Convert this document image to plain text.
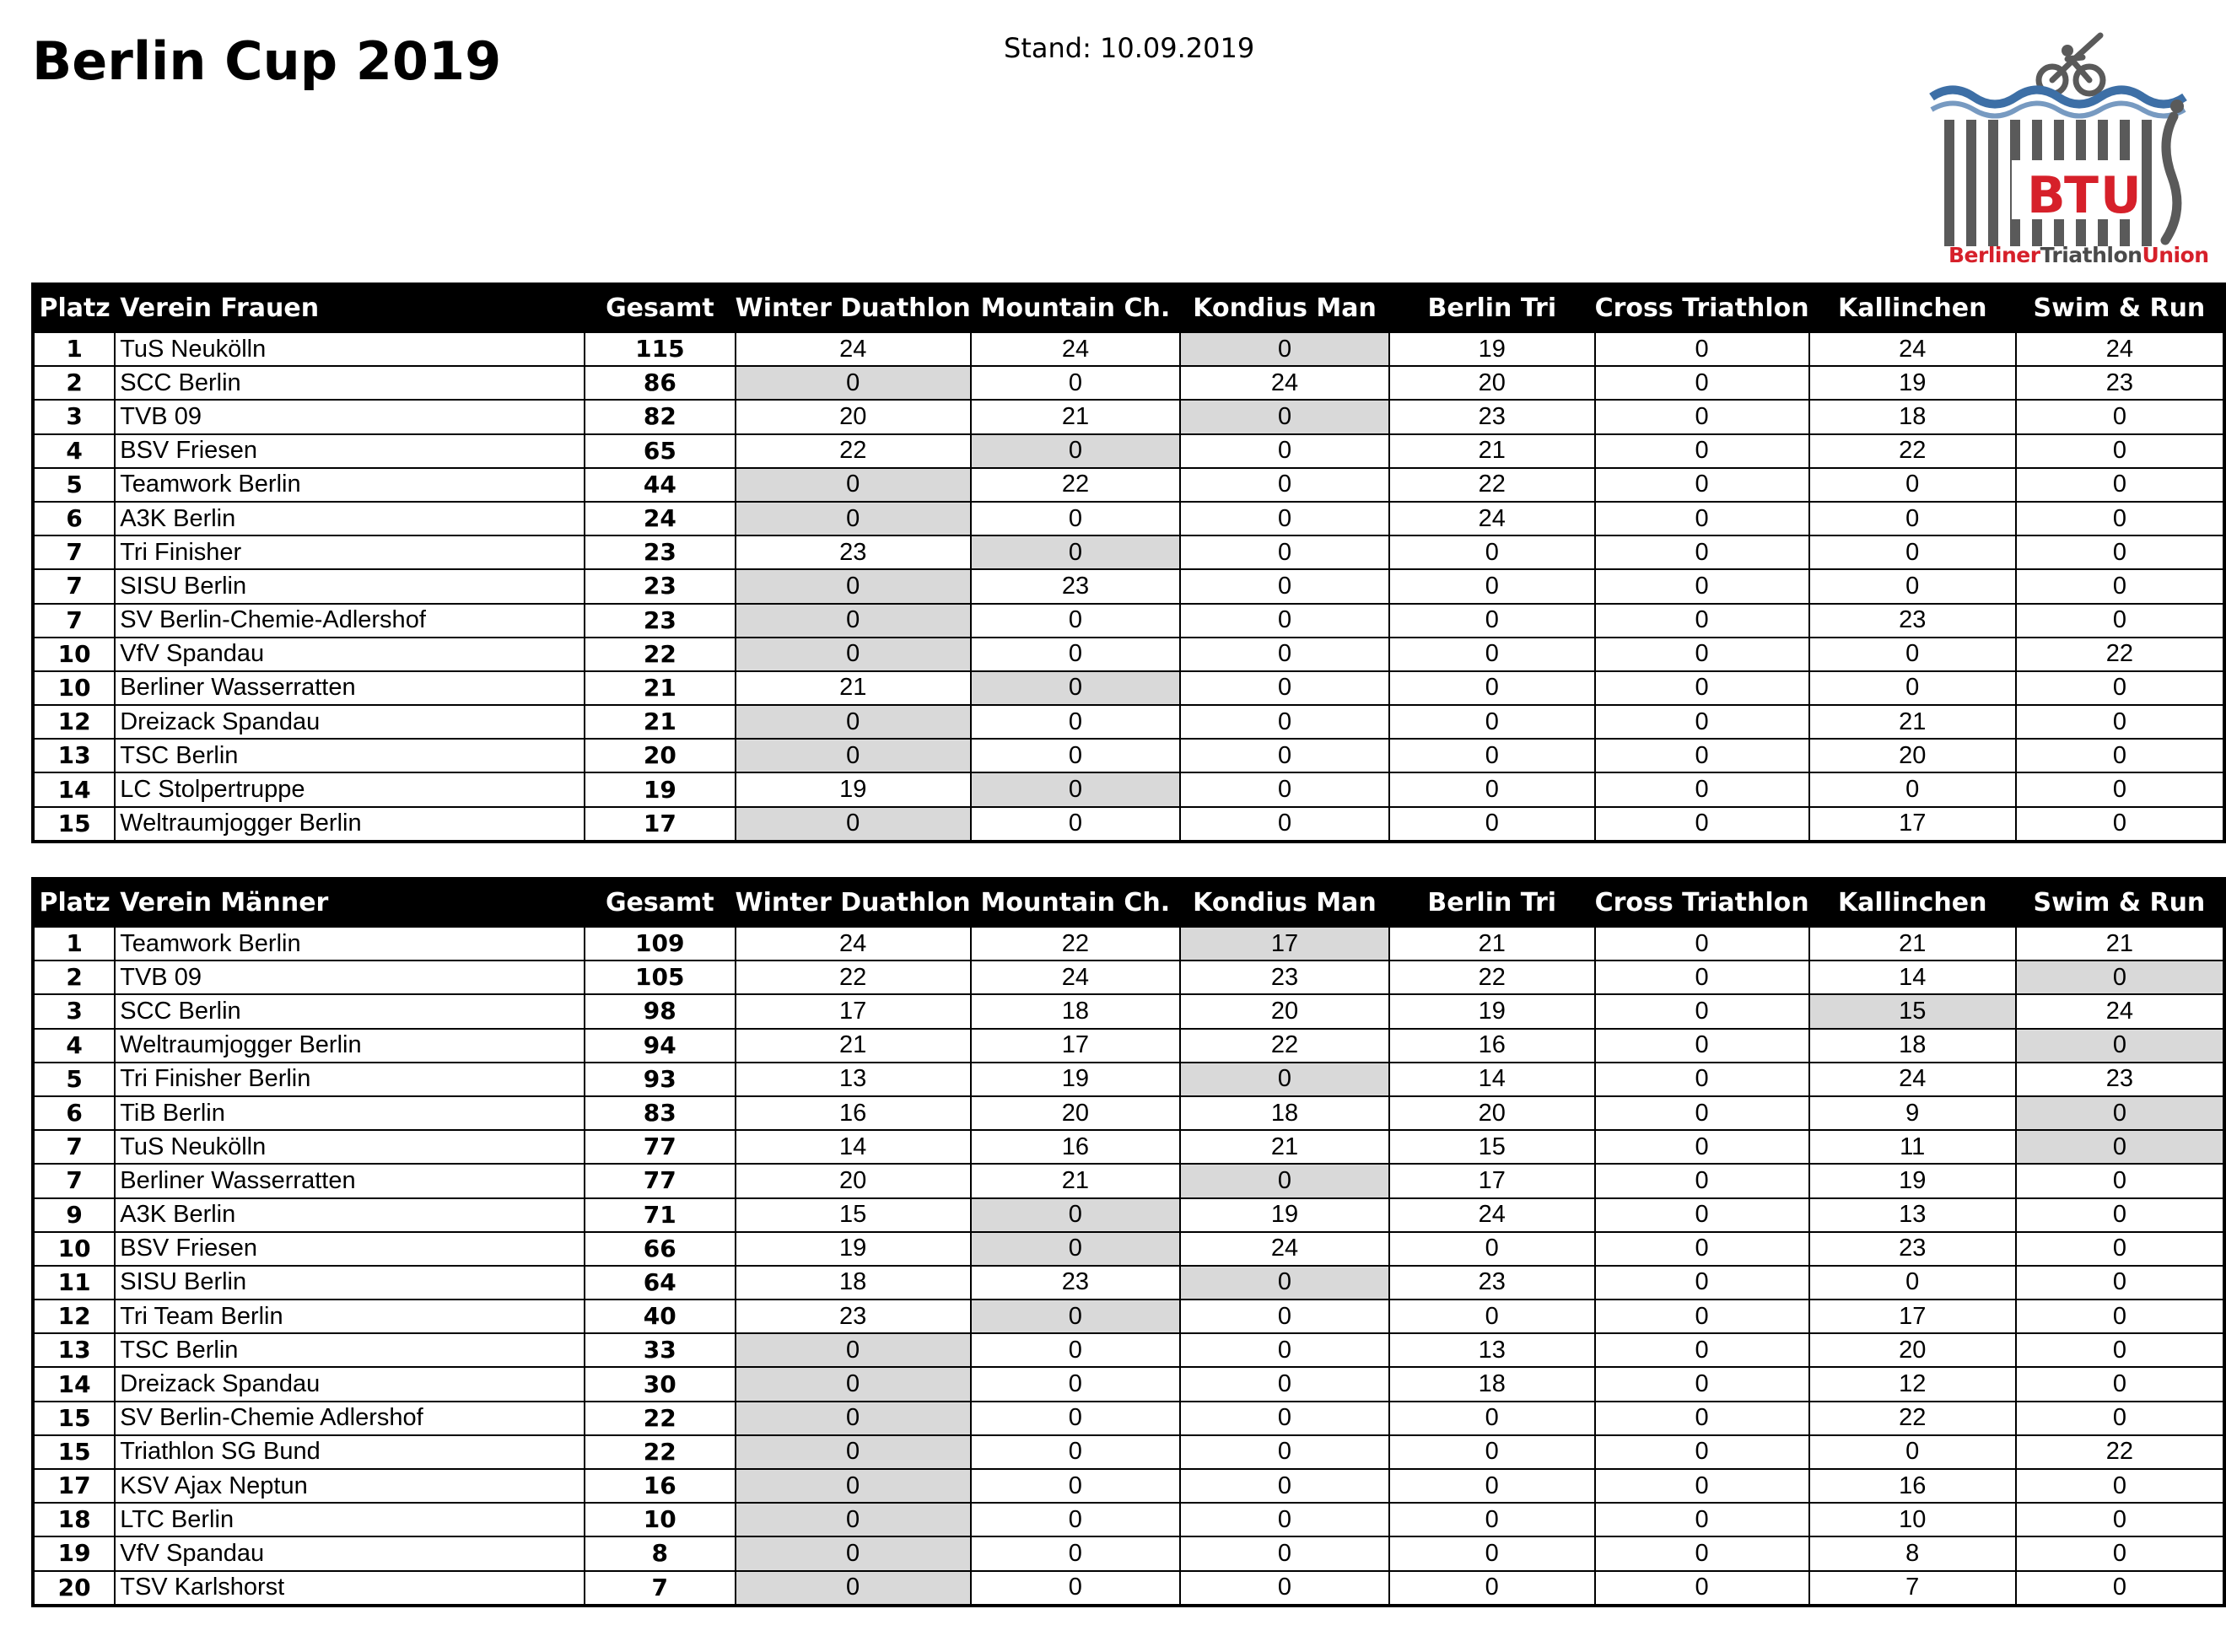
Berlin Cup 2019	Stand: 10.09.2019
B
T U
BerlinerTriathlonUnion
Platz	Verein Frauen	Gesamt	Winter Duathlon	Mountain Ch.	Kondius Man	Berlin Tri	Cross Triathlon	Kallinchen	Swim & Run
1	TuS Neukölln	115	24	24	0	19	0	24	24
2	SCC Berlin	86	0	0	24	20	0	19	23
3	TVB 09	82	20	21	0	23	0	18	0
4	BSV Friesen	65	22	0	0	21	0	22	0
5	Teamwork Berlin	44	0	22	0	22	0	0	0
6	A3K Berlin	24	0	0	0	24	0	0	0
7	Tri Finisher	23	23	0	0	0	0	0	0
7	SISU Berlin	23	0	23	0	0	0	0	0
7	SV Berlin-Chemie-Adlershof	23	0	0	0	0	0	23	0
10	VfV Spandau	22	0	0	0	0	0	0	22
10	Berliner Wasserratten	21	21	0	0	0	0	0	0
12	Dreizack Spandau	21	0	0	0	0	0	21	0
13	TSC Berlin	20	0	0	0	0	0	20	0
14	LC Stolpertruppe	19	19	0	0	0	0	0	0
15	Weltraumjogger Berlin	17	0	0	0	0	0	17	0
Platz	Verein Männer	Gesamt	Winter Duathlon	Mountain Ch.	Kondius Man	Berlin Tri	Cross Triathlon	Kallinchen	Swim & Run
1	Teamwork Berlin	109	24	22	17	21	0	21	21
2	TVB 09	105	22	24	23	22	0	14	0
3	SCC Berlin	98	17	18	20	19	0	15	24
4	Weltraumjogger Berlin	94	21	17	22	16	0	18	0
5	Tri Finisher Berlin	93	13	19	0	14	0	24	23
6	TiB Berlin	83	16	20	18	20	0	9	0
7	TuS Neukölln	77	14	16	21	15	0	11	0
7	Berliner Wasserratten	77	20	21	0	17	0	19	0
9	A3K Berlin	71	15	0	19	24	0	13	0
10	BSV Friesen	66	19	0	24	0	0	23	0
11	SISU Berlin	64	18	23	0	23	0	0	0
12	Tri Team Berlin	40	23	0	0	0	0	17	0
13	TSC Berlin	33	0	0	0	13	0	20	0
14	Dreizack Spandau	30	0	0	0	18	0	12	0
15	SV Berlin-Chemie Adlershof	22	0	0	0	0	0	22	0
15	Triathlon SG Bund	22	0	0	0	0	0	0	22
17	KSV Ajax Neptun	16	0	0	0	0	0	16	0
18	LTC Berlin	10	0	0	0	0	0	10	0
19	VfV Spandau	8	0	0	0	0	0	8	0
20	TSV Karlshorst	7	0	0	0	0	0	7	0
